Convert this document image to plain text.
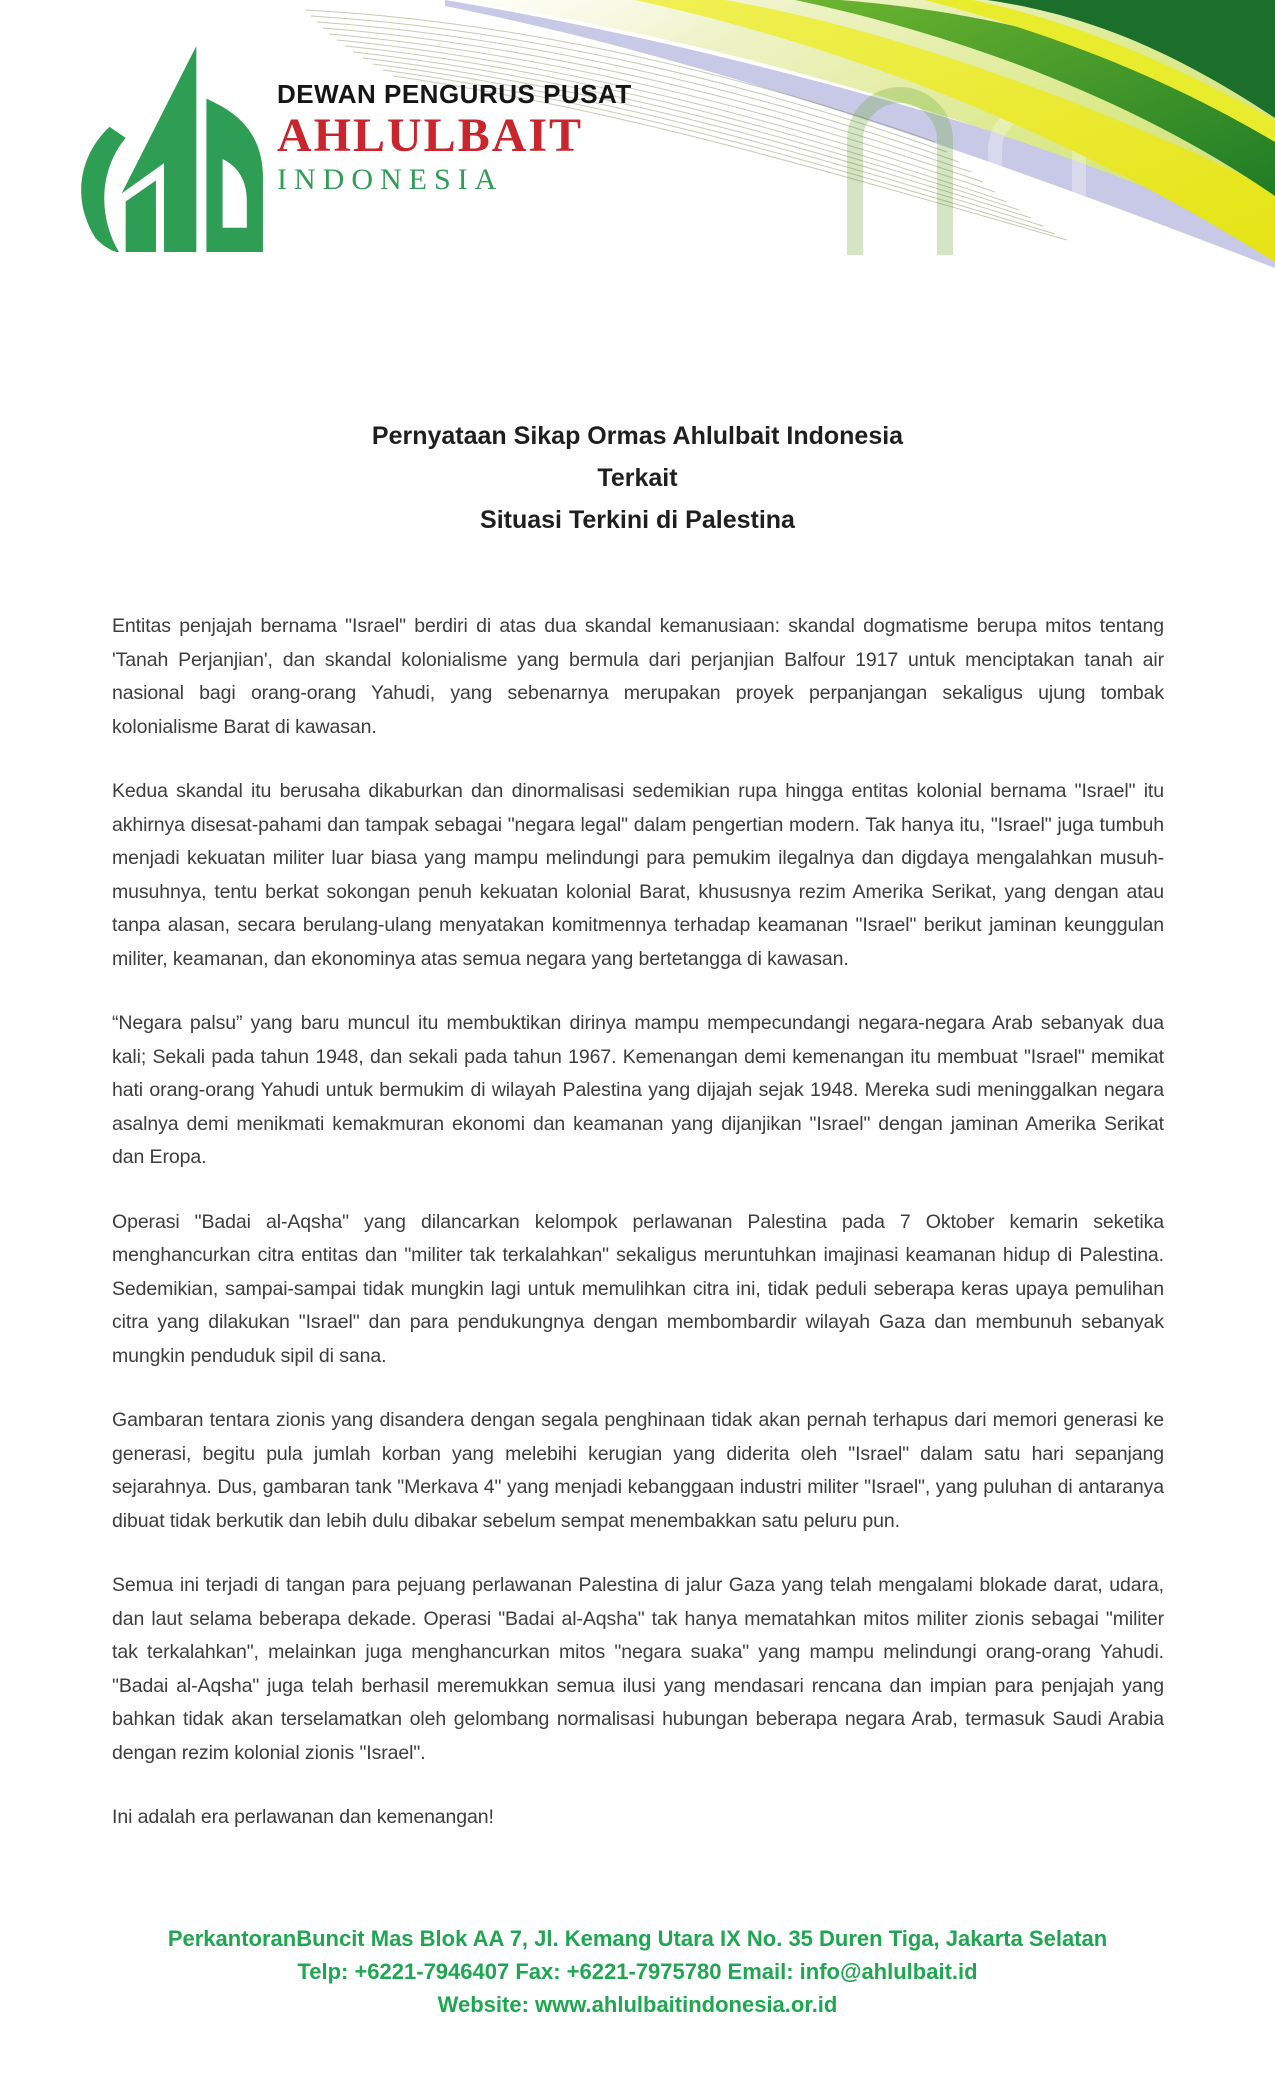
DEWAN PENGURUS PUSAT
AHLULBAIT
INDONESIA
Pernyataan Sikap Ormas Ahlulbait Indonesia
Terkait
Situasi Terkini di Palestina

Entitas penjajah bernama "Israel" berdiri di atas dua skandal kemanusiaan: skandal dogmatisme berupa mitos tentang 'Tanah Perjanjian', dan skandal kolonialisme yang bermula dari perjanjian Balfour 1917 untuk menciptakan tanah air nasional bagi orang-orang Yahudi, yang sebenarnya merupakan proyek perpanjangan sekaligus ujung tombak kolonialisme Barat di kawasan.

Kedua skandal itu berusaha dikaburkan dan dinormalisasi sedemikian rupa hingga entitas kolonial bernama "Israel" itu akhirnya disesat-pahami dan tampak sebagai "negara legal" dalam pengertian modern. Tak hanya itu, "Israel" juga tumbuh menjadi kekuatan militer luar biasa yang mampu melindungi para pemukim ilegalnya dan digdaya mengalahkan musuh-musuhnya, tentu berkat sokongan penuh kekuatan kolonial Barat, khususnya rezim Amerika Serikat, yang dengan atau tanpa alasan, secara berulang-ulang menyatakan komitmennya terhadap keamanan "Israel" berikut jaminan keunggulan militer, keamanan, dan ekonominya atas semua negara yang bertetangga di kawasan.

“Negara palsu” yang baru muncul itu membuktikan dirinya mampu mempecundangi negara-negara Arab sebanyak dua kali; Sekali pada tahun 1948, dan sekali pada tahun 1967. Kemenangan demi kemenangan itu membuat "Israel" memikat hati orang-orang Yahudi untuk bermukim di wilayah Palestina yang dijajah sejak 1948. Mereka sudi meninggalkan negara asalnya demi menikmati kemakmuran ekonomi dan keamanan yang dijanjikan "Israel" dengan jaminan Amerika Serikat dan Eropa.

Operasi "Badai al-Aqsha" yang dilancarkan kelompok perlawanan Palestina pada 7 Oktober kemarin seketika menghancurkan citra entitas dan "militer tak terkalahkan" sekaligus meruntuhkan imajinasi keamanan hidup di Palestina. Sedemikian, sampai-sampai tidak mungkin lagi untuk memulihkan citra ini, tidak peduli seberapa keras upaya pemulihan citra yang dilakukan "Israel" dan para pendukungnya dengan membombardir wilayah Gaza dan membunuh sebanyak mungkin penduduk sipil di sana.

Gambaran tentara zionis yang disandera dengan segala penghinaan tidak akan pernah terhapus dari memori generasi ke generasi, begitu pula jumlah korban yang melebihi kerugian yang diderita oleh "Israel" dalam satu hari sepanjang sejarahnya. Dus, gambaran tank "Merkava 4" yang menjadi kebanggaan industri militer "Israel", yang puluhan di antaranya dibuat tidak berkutik dan lebih dulu dibakar sebelum sempat menembakkan satu peluru pun.

Semua ini terjadi di tangan para pejuang perlawanan Palestina di jalur Gaza yang telah mengalami blokade darat, udara, dan laut selama beberapa dekade. Operasi "Badai al-Aqsha" tak hanya mematahkan mitos militer zionis sebagai "militer tak terkalahkan", melainkan juga menghancurkan mitos "negara suaka" yang mampu melindungi orang-orang Yahudi. "Badai al-Aqsha" juga telah berhasil meremukkan semua ilusi yang mendasari rencana dan impian para penjajah yang bahkan tidak akan terselamatkan oleh gelombang normalisasi hubungan beberapa negara Arab, termasuk Saudi Arabia dengan rezim kolonial zionis "Israel".

Ini adalah era perlawanan dan kemenangan!

PerkantoranBuncit Mas Blok AA 7, Jl. Kemang Utara IX No. 35 Duren Tiga, Jakarta Selatan
Telp: +6221-7946407 Fax: +6221-7975780 Email: info@ahlulbait.id
Website: www.ahlulbaitindonesia.or.id
